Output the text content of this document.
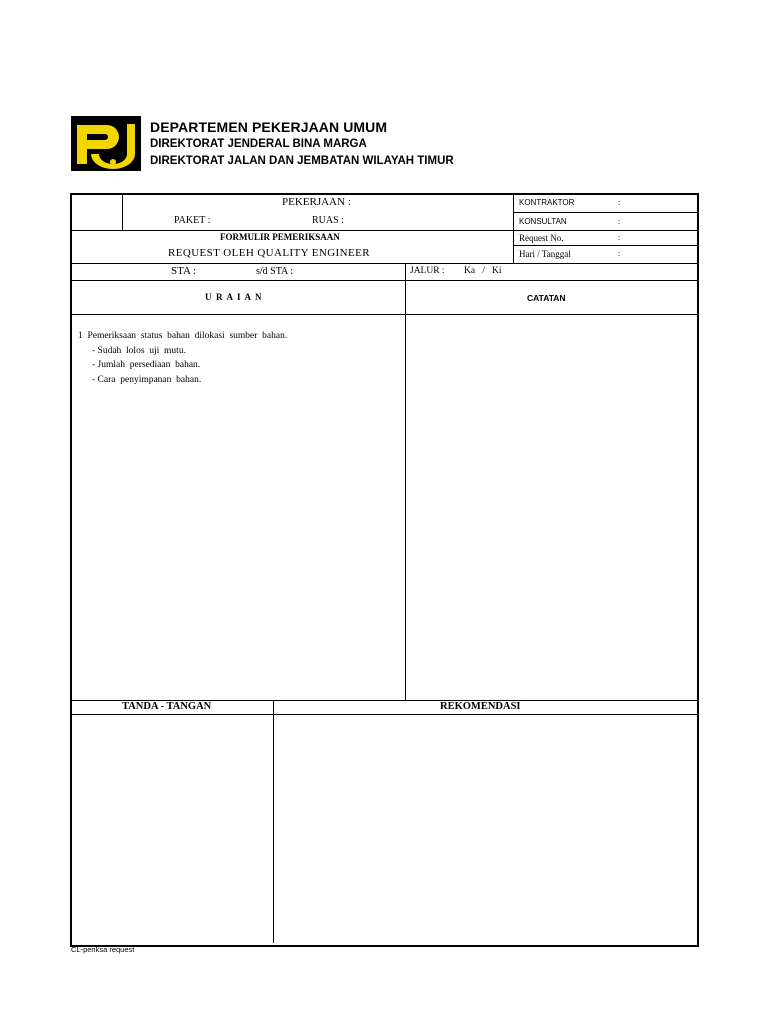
DEPARTEMEN PEKERJAAN UMUM
DIREKTORAT JENDERAL BINA MARGA
DIREKTORAT JALAN DAN JEMBATAN WILAYAH TIMUR
PEKERJAAN :
PAKET :	RUAS :
KONTRAKTOR	:
KONSULTAN	:
Request No.	:
Hari / Tanggal	:
FORMULIR PEMERIKSAAN
REQUEST OLEH QUALITY ENGINEER
STA :	s/d STA :	JALUR : Ka   /   Ki
U  R  A  I  A  N	CATATAN
1  Pemeriksaan  status  bahan  dilokasi  sumber  bahan.
- Sudah  lolos  uji  mutu.
- Jumlah  persediaan  bahan.
- Cara  penyimpanan  bahan.
TANDA - TANGAN	REKOMENDASI
CL-periksa request
